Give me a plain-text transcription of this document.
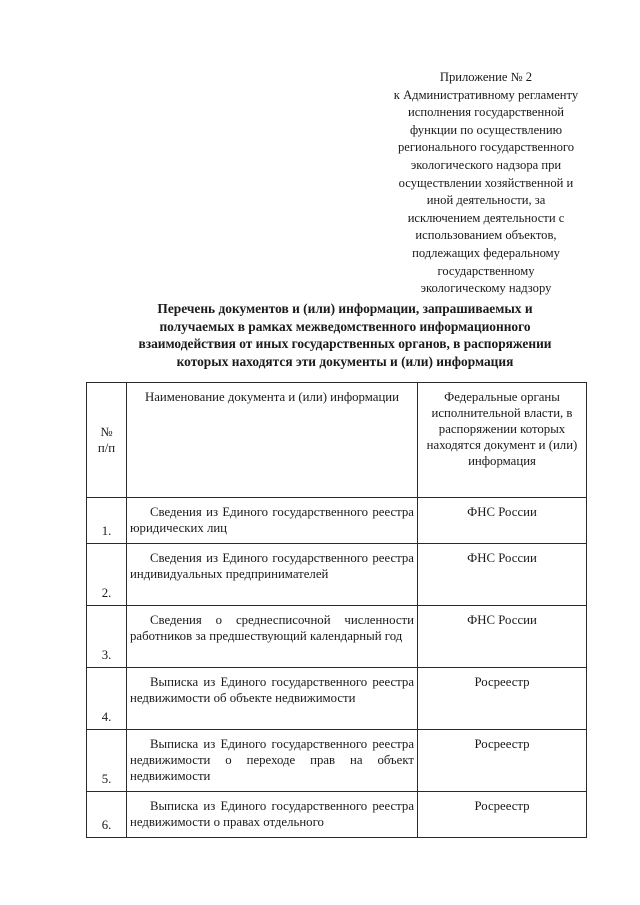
Приложение № 2
к Административному регламенту
исполнения государственной
функции по осуществлению
регионального государственного
экологического надзора при
осуществлении хозяйственной и
иной деятельности, за
исключением деятельности с
использованием объектов,
подлежащих федеральному
государственному
экологическому надзору
Перечень документов и (или) информации, запрашиваемых и
получаемых в рамках межведомственного информационного
взаимодействия от иных государственных органов, в распоряжении
которых находятся эти документы и (или) информация
№
п/п	Наименование документа и (или) информации	Федеральные органы исполнительной власти, в распоряжении которых находятся документ и (или) информация
1.	Сведения из Единого государственного реестра юридических лиц	ФНС России
2.	Сведения из Единого государственного реестра индивидуальных предпринимателей	ФНС России
3.	Сведения о среднесписочной численности работников за предшествующий календарный год	ФНС России
4.	Выписка из Единого государственного реестра недвижимости об объекте недвижимости	Росреестр
5.	Выписка из Единого государственного реестра недвижимости о переходе прав на объект недвижимости	Росреестр
6.	Выписка из Единого государственного реестра недвижимости о правах отдельного	Росреестр
